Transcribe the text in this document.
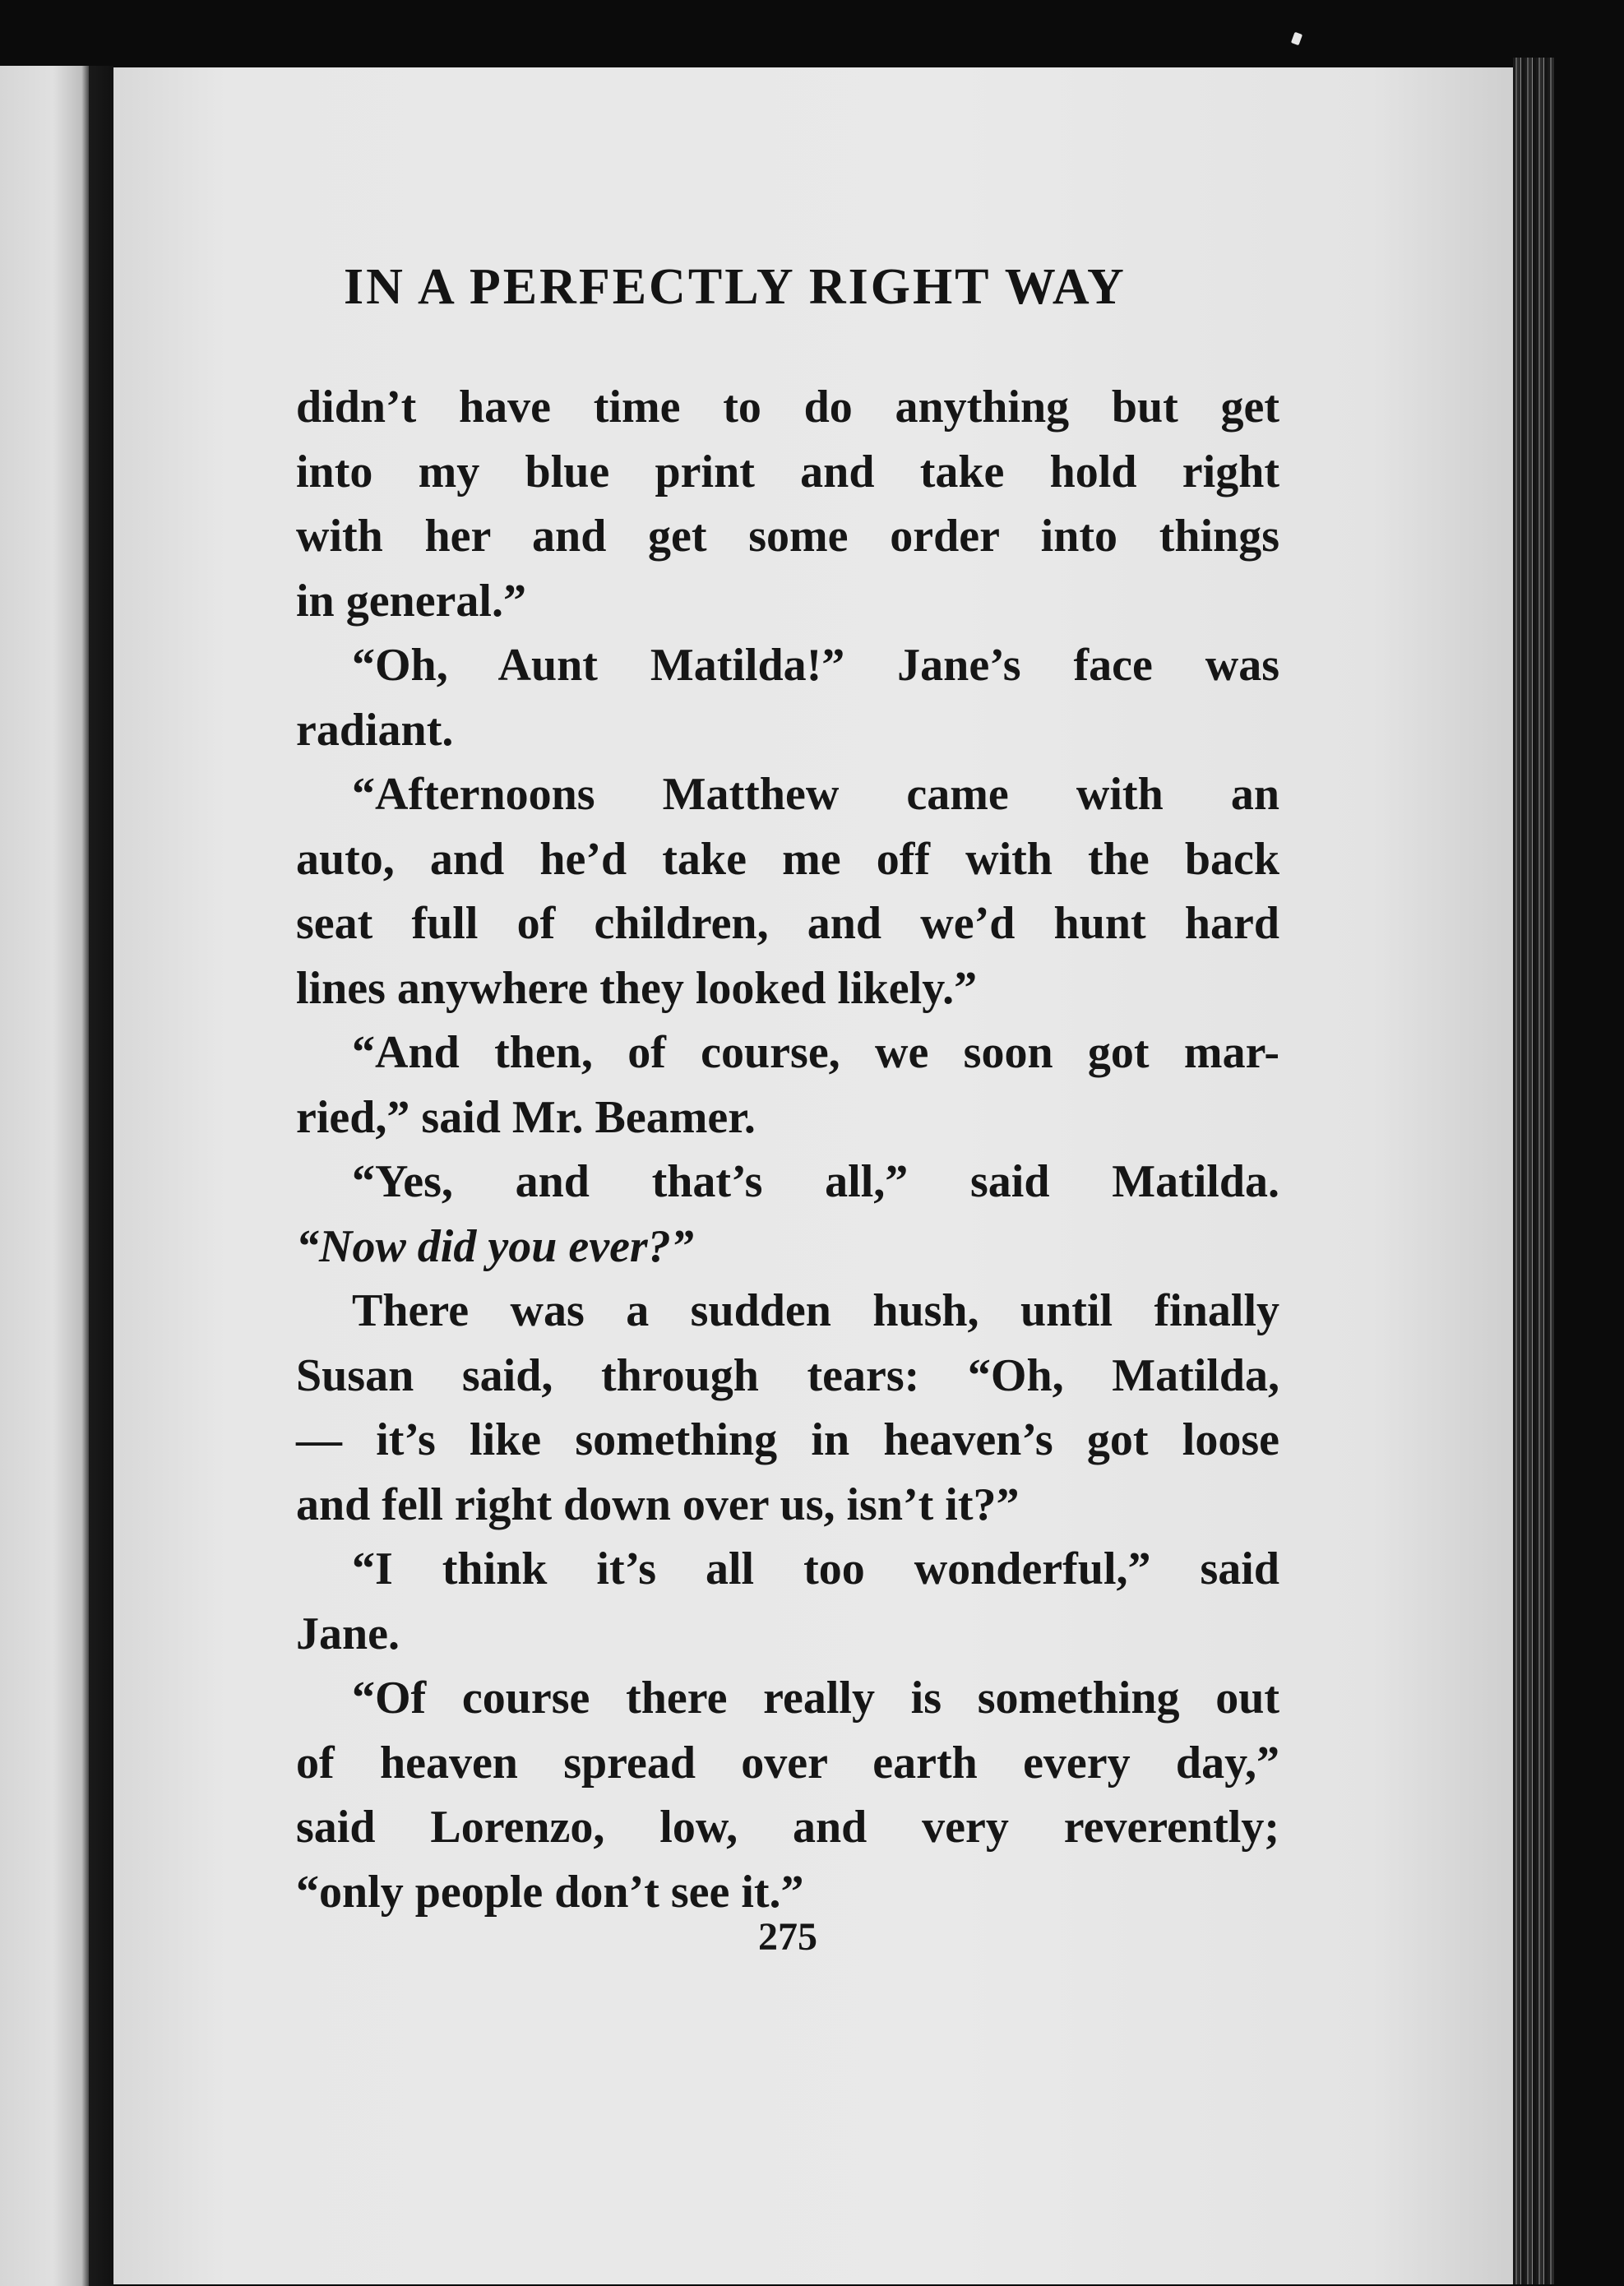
IN A PERFECTLY RIGHT WAY
didn’t have time to do anything but get
into my blue print and take hold right
with her and get some order into things
in general.”
“Oh, Aunt Matilda!” Jane’s face was
radiant.
“Afternoons Matthew came with an
auto, and he’d take me off with the back
seat full of children, and we’d hunt hard
lines anywhere they looked likely.”
“And then, of course, we soon got mar-
ried,” said Mr. Beamer.
“Yes, and that’s all,” said Matilda.
“Now did you ever?”
There was a sudden hush, until finally
Susan said, through tears: “Oh, Matilda,
— it’s like something in heaven’s got loose
and fell right down over us, isn’t it?”
“I think it’s all too wonderful,” said
Jane.
“Of course there really is something out
of heaven spread over earth every day,”
said Lorenzo, low, and very reverently;
“only people don’t see it.”
275
